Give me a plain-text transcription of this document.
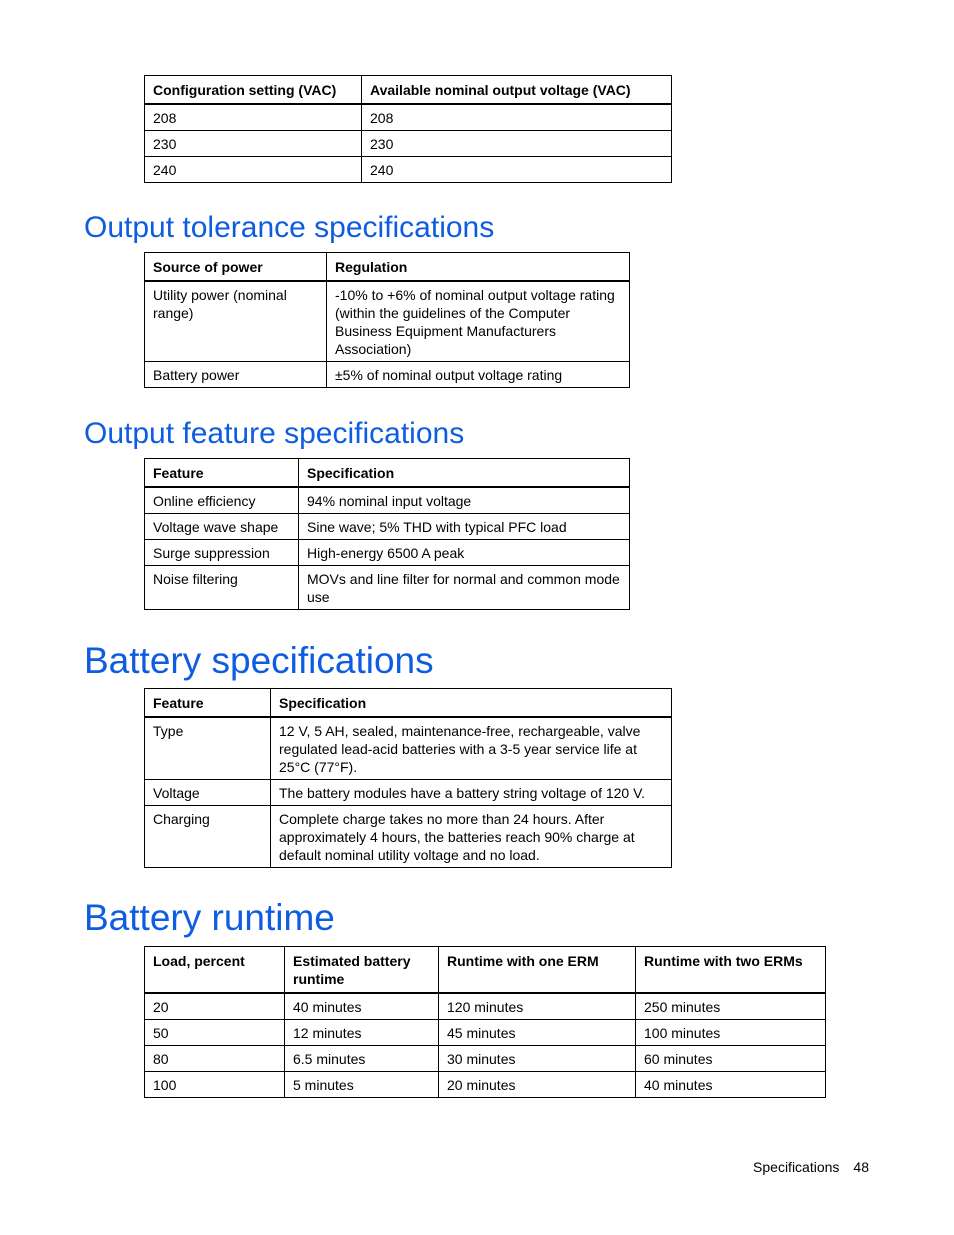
Configuration setting (VAC)	Available nominal output voltage (VAC)
208	208
230	230
240	240
Output tolerance specifications
Source of power	Regulation
Utility power (nominal range)	-10% to +6% of nominal output voltage rating (within the guidelines of the Computer Business Equipment Manufacturers Association)
Battery power	±5% of nominal output voltage rating
Output feature specifications
Feature	Specification
Online efficiency	94% nominal input voltage
Voltage wave shape	Sine wave; 5% THD with typical PFC load
Surge suppression	High-energy 6500 A peak
Noise filtering	MOVs and line filter for normal and common mode use
Battery specifications
Feature	Specification
Type	12 V, 5 AH, sealed, maintenance-free, rechargeable, valve regulated lead-acid batteries with a 3-5 year service life at 25°C (77°F).
Voltage	The battery modules have a battery string voltage of 120 V.
Charging	Complete charge takes no more than 24 hours. After approximately 4 hours, the batteries reach 90% charge at default nominal utility voltage and no load.
Battery runtime
Load, percent	Estimated battery runtime	Runtime with one ERM	Runtime with two ERMs
20	40 minutes	120 minutes	250 minutes
50	12 minutes	45 minutes	100 minutes
80	6.5 minutes	30 minutes	60 minutes
100	5 minutes	20 minutes	40 minutes
Specifications 48
